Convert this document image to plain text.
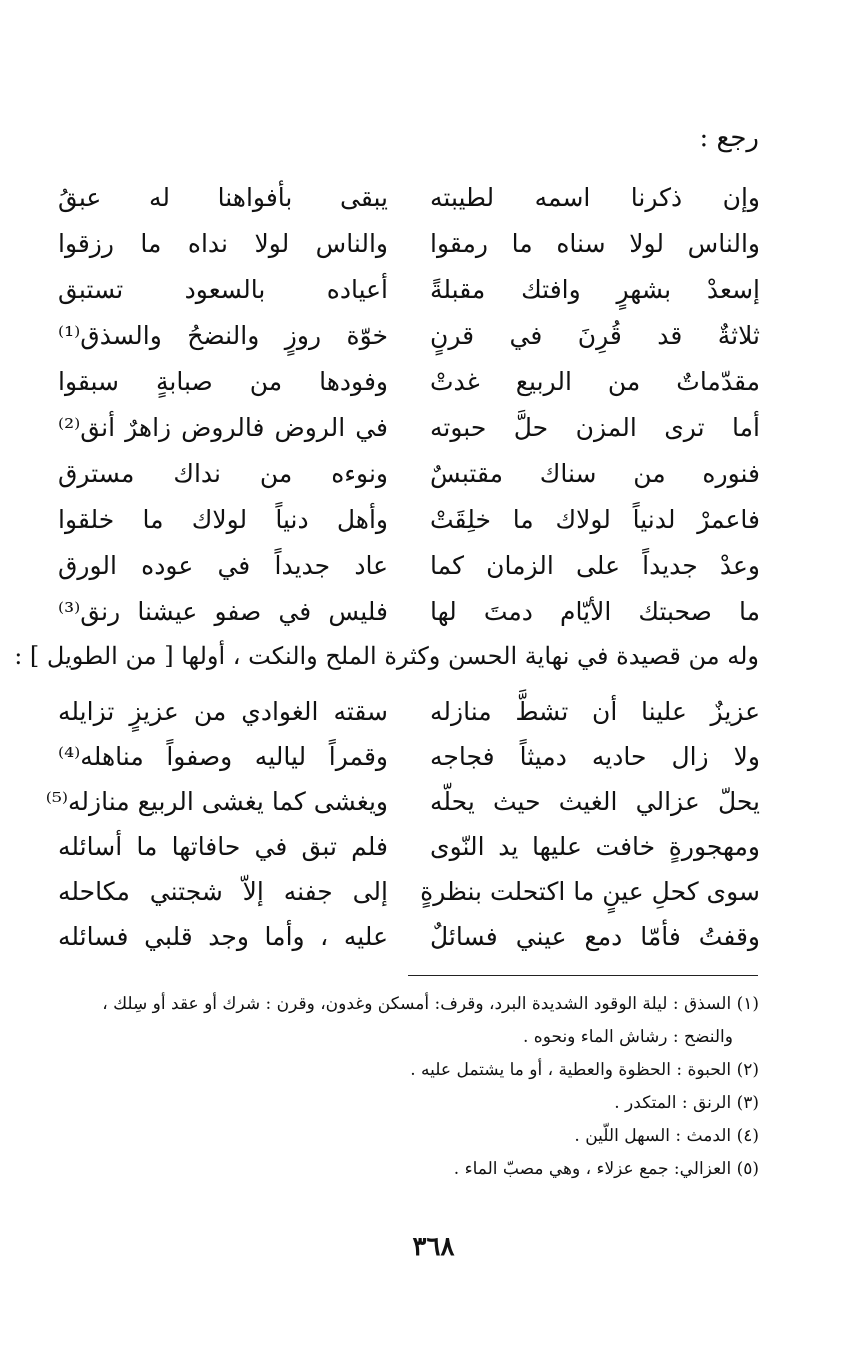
رجع :
وإن ذكرنا اسمه لطيبته
يبقى بأفواهنا له عبقُ
والناس لولا سناه ما رمقوا
والناس لولا نداه ما رزقوا
إسعدْ بشهرٍ وافتك مقبلةً
أعياده بالسعود تستبق
ثلاثةٌ قد قُرِنَ في قرنٍ
خوّة روزٍ والنضحُ والسذق⁽¹⁾
مقدّماتٌ من الربيع غدتْ
وفودها من صبابةٍ سبقوا
أما ترى المزن حلَّ حبوته
في الروض فالروض زاهرٌ أنق⁽²⁾
فنوره من سناك مقتبسٌ
ونوءه من نداك مسترق
فاعمرْ لدنياً لولاك ما خلِقَتْ
وأهل دنياً لولاك ما خلقوا
وعدْ جديداً على الزمان كما
عاد جديداً في عوده الورق
ما صحبتك الأيّام دمتَ لها
فليس في صفو عيشنا رنق⁽³⁾
وله من قصيدة في نهاية الحسن وكثرة الملح والنكت ، أولها [ من الطويل ] :
عزيزٌ علينا أن تشطَّ منازله
سقته الغوادي من عزيزٍ تزايله
ولا زال حاديه دميثاً فجاجه
وقمراً لياليه وصفواً مناهله⁽⁴⁾
يحلّ عزالي الغيث حيث يحلّه
ويغشى كما يغشى الربيع منازله⁽⁵⁾
ومهجورةٍ خافت عليها يد النّوى
فلم تبق في حافاتها ما أسائله
سوى كحلِ عينٍ ما اكتحلت بنظرةٍ
إلى جفنه إلاّ شجتني مكاحله
وقفتُ فأمّا دمع عيني فسائلٌ
عليه ، وأما وجد قلبي فسائله
(١) السذق : ليلة الوقود الشديدة البرد، وقرف: أمسكن وغدون، وقرن : شرك أو عقد أو سِلك ،
والنضح : رشاش الماء ونحوه .
(٢) الحبوة : الحظوة والعطية ، أو ما يشتمل عليه .
(٣) الرنق : المتكدر .
(٤) الدمث : السهل اللّين .
(٥) العزالي: جمع عزلاء ، وهي مصبّ الماء .
٣٦٨
